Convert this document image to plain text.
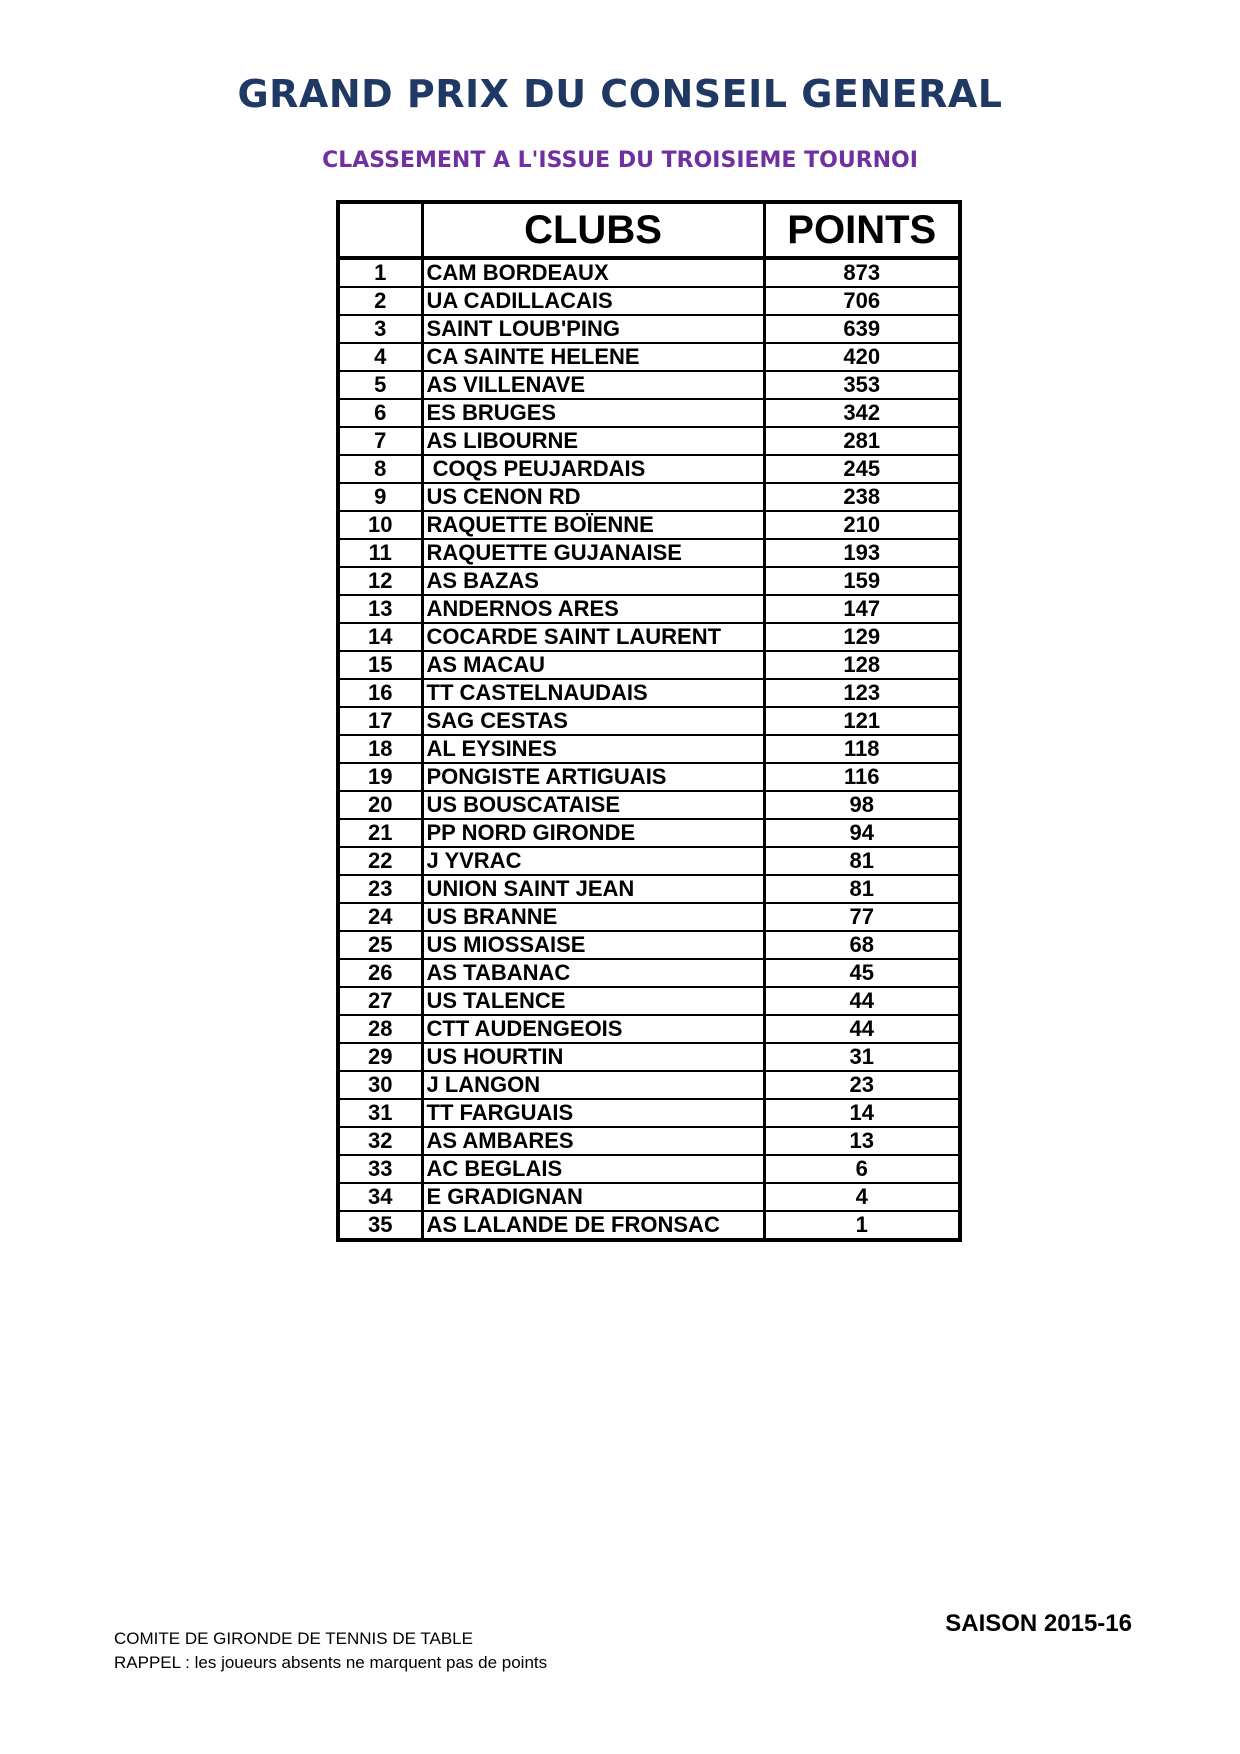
GRAND PRIX DU CONSEIL GENERAL
CLASSEMENT A L'ISSUE DU TROISIEME TOURNOI
	CLUBS	POINTS
1	CAM BORDEAUX	873
2	UA CADILLACAIS	706
3	SAINT LOUB'PING	639
4	CA SAINTE HELENE	420
5	AS VILLENAVE	353
6	ES BRUGES	342
7	AS LIBOURNE	281
8	COQS PEUJARDAIS	245
9	US CENON RD	238
10	RAQUETTE BOÏENNE	210
11	RAQUETTE GUJANAISE	193
12	AS BAZAS	159
13	ANDERNOS ARES	147
14	COCARDE SAINT LAURENT	129
15	AS MACAU	128
16	TT CASTELNAUDAIS	123
17	SAG CESTAS	121
18	AL EYSINES	118
19	PONGISTE ARTIGUAIS	116
20	US BOUSCATAISE	98
21	PP NORD GIRONDE	94
22	J YVRAC	81
23	UNION SAINT JEAN	81
24	US BRANNE	77
25	US MIOSSAISE	68
26	AS TABANAC	45
27	US TALENCE	44
28	CTT AUDENGEOIS	44
29	US HOURTIN	31
30	J LANGON	23
31	TT FARGUAIS	14
32	AS AMBARES	13
33	AC BEGLAIS	6
34	E GRADIGNAN	4
35	AS LALANDE DE FRONSAC	1
COMITE DE GIRONDE DE TENNIS DE TABLE
RAPPEL : les joueurs absents ne marquent pas de points
SAISON 2015-16
